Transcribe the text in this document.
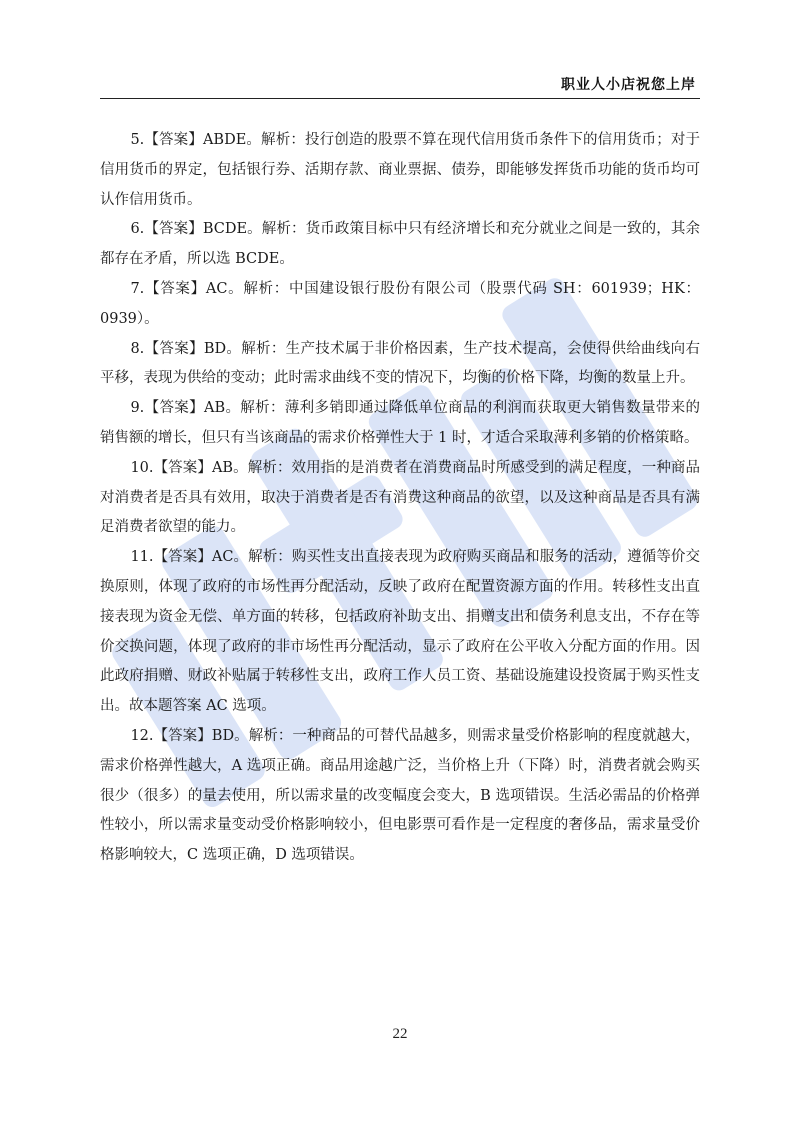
职业人小店祝您上岸

5.【答案】ABDE。解析：投行创造的股票不算在现代信用货币条件下的信用货币；对于信用货币的界定，包括银行券、活期存款、商业票据、债券，即能够发挥货币功能的货币均可认作信用货币。

6.【答案】BCDE。解析：货币政策目标中只有经济增长和充分就业之间是一致的，其余都存在矛盾，所以选 BCDE。

7.【答案】AC。解析：中国建设银行股份有限公司（股票代码 SH：601939；HK：0939）。

8.【答案】BD。解析：生产技术属于非价格因素，生产技术提高，会使得供给曲线向右平移，表现为供给的变动；此时需求曲线不变的情况下，均衡的价格下降，均衡的数量上升。

9.【答案】AB。解析：薄利多销即通过降低单位商品的利润而获取更大销售数量带来的销售额的增长，但只有当该商品的需求价格弹性大于 1 时，才适合采取薄利多销的价格策略。

10.【答案】AB。解析：效用指的是消费者在消费商品时所感受到的满足程度，一种商品对消费者是否具有效用，取决于消费者是否有消费这种商品的欲望，以及这种商品是否具有满足消费者欲望的能力。

11.【答案】AC。解析：购买性支出直接表现为政府购买商品和服务的活动，遵循等价交换原则，体现了政府的市场性再分配活动，反映了政府在配置资源方面的作用。转移性支出直接表现为资金无偿、单方面的转移，包括政府补助支出、捐赠支出和债务利息支出，不存在等价交换问题，体现了政府的非市场性再分配活动，显示了政府在公平收入分配方面的作用。因此政府捐赠、财政补贴属于转移性支出，政府工作人员工资、基础设施建设投资属于购买性支出。故本题答案 AC 选项。

12.【答案】BD。解析：一种商品的可替代品越多，则需求量受价格影响的程度就越大，需求价格弹性越大，A 选项正确。商品用途越广泛，当价格上升（下降）时，消费者就会购买很少（很多）的量去使用，所以需求量的改变幅度会变大，B 选项错误。生活必需品的价格弹性较小，所以需求量变动受价格影响较小，但电影票可看作是一定程度的奢侈品，需求量受价格影响较大，C 选项正确，D 选项错误。

22
